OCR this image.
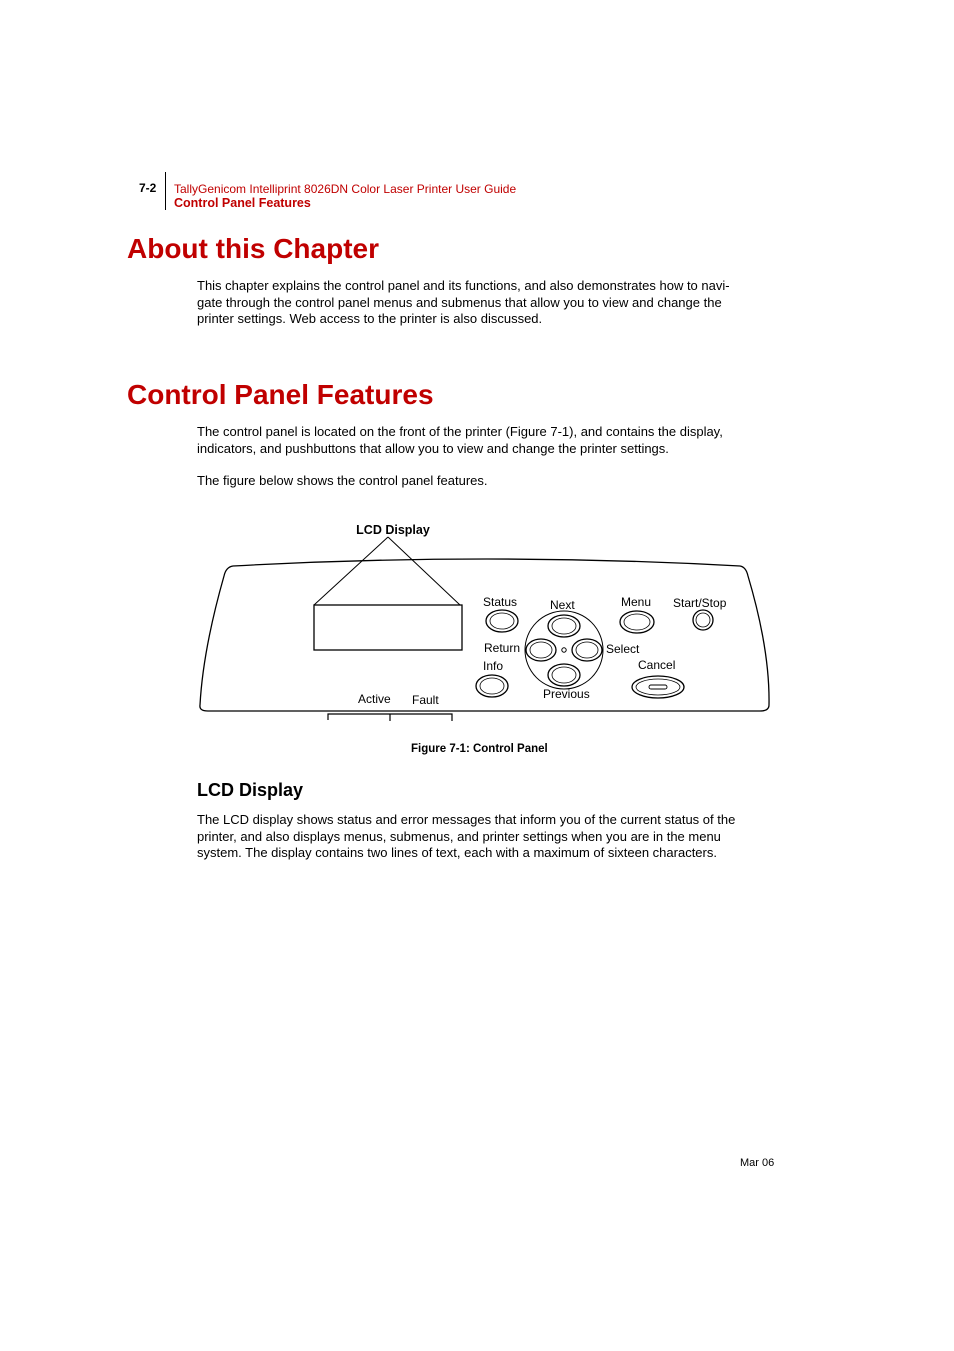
7-2 TallyGenicom Intelliprint 8026DN Color Laser Printer User Guide
Control Panel Features
About this Chapter
This chapter explains the control panel and its functions, and also demonstrates how to navi-
gate through the control panel menus and submenus that allow you to view and change the
printer settings. Web access to the printer is also discussed.
Control Panel Features
The control panel is located on the front of the printer (Figure 7-1), and contains the display,
indicators, and pushbuttons that allow you to view and change the printer settings.
The figure below shows the control panel features.
LCD Display
Status	Next	Menu Start/Stop
Return	Select
Info	Cancel
Previous
Active Fault
Figure 7-1: Control Panel
LCD Display
The LCD display shows status and error messages that inform you of the current status of the
printer, and also displays menus, submenus, and printer settings when you are in the menu
system. The display contains two lines of text, each with a maximum of sixteen characters.
Mar 06
